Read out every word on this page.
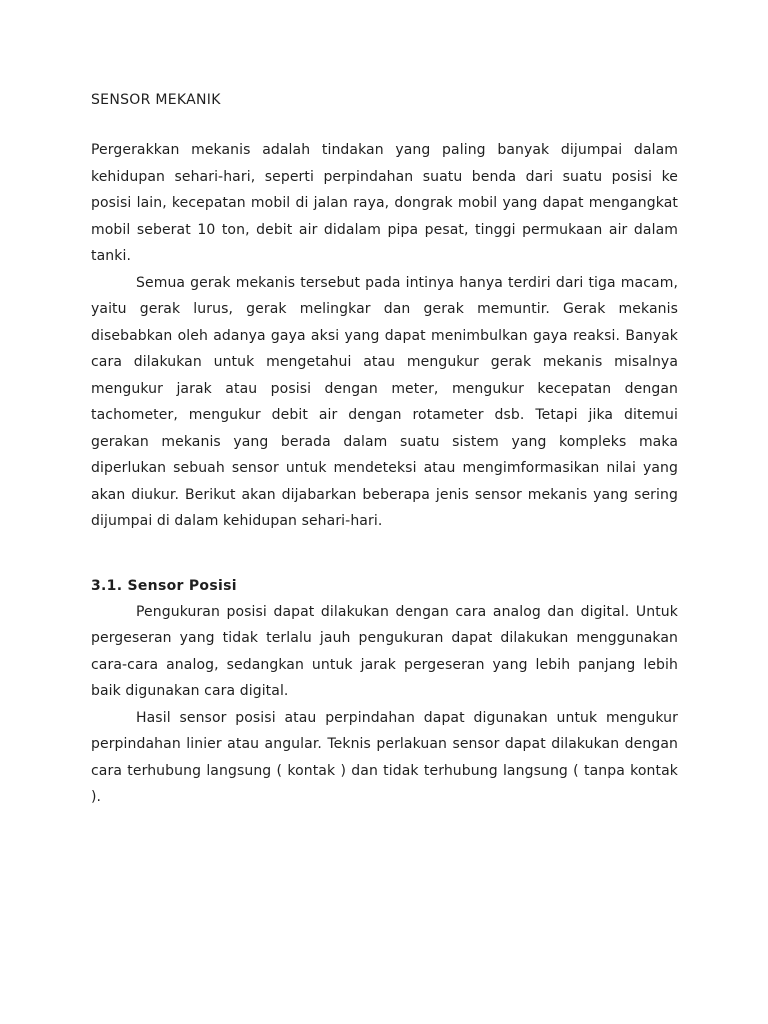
SENSOR MEKANIK

Pergerakkan mekanis adalah tindakan yang paling banyak dijumpai dalam kehidupan sehari-hari, seperti perpindahan suatu benda dari suatu posisi ke posisi lain, kecepatan mobil di jalan raya, dongrak mobil yang dapat mengangkat mobil seberat 10 ton, debit air didalam pipa pesat, tinggi permukaan air dalam tanki.

Semua gerak mekanis tersebut pada intinya hanya terdiri dari tiga macam, yaitu gerak lurus, gerak melingkar dan gerak memuntir. Gerak mekanis disebabkan oleh adanya gaya aksi yang dapat menimbulkan gaya reaksi. Banyak cara dilakukan untuk mengetahui atau mengukur gerak mekanis misalnya mengukur jarak atau posisi dengan meter, mengukur kecepatan dengan tachometer, mengukur debit air dengan rotameter dsb. Tetapi jika ditemui gerakan mekanis yang berada dalam suatu sistem yang kompleks maka diperlukan sebuah sensor untuk mendeteksi atau mengimformasikan nilai yang akan diukur. Berikut akan dijabarkan beberapa jenis sensor mekanis yang sering dijumpai di dalam kehidupan sehari-hari.

3.1. Sensor Posisi

Pengukuran posisi dapat dilakukan dengan cara analog dan digital. Untuk pergeseran yang tidak terlalu jauh pengukuran dapat dilakukan menggunakan cara-cara analog, sedangkan untuk jarak pergeseran yang lebih panjang lebih baik digunakan cara digital.

Hasil sensor posisi atau perpindahan dapat digunakan untuk mengukur perpindahan linier atau angular. Teknis perlakuan sensor dapat dilakukan dengan cara terhubung langsung ( kontak ) dan tidak terhubung langsung ( tanpa kontak ).
